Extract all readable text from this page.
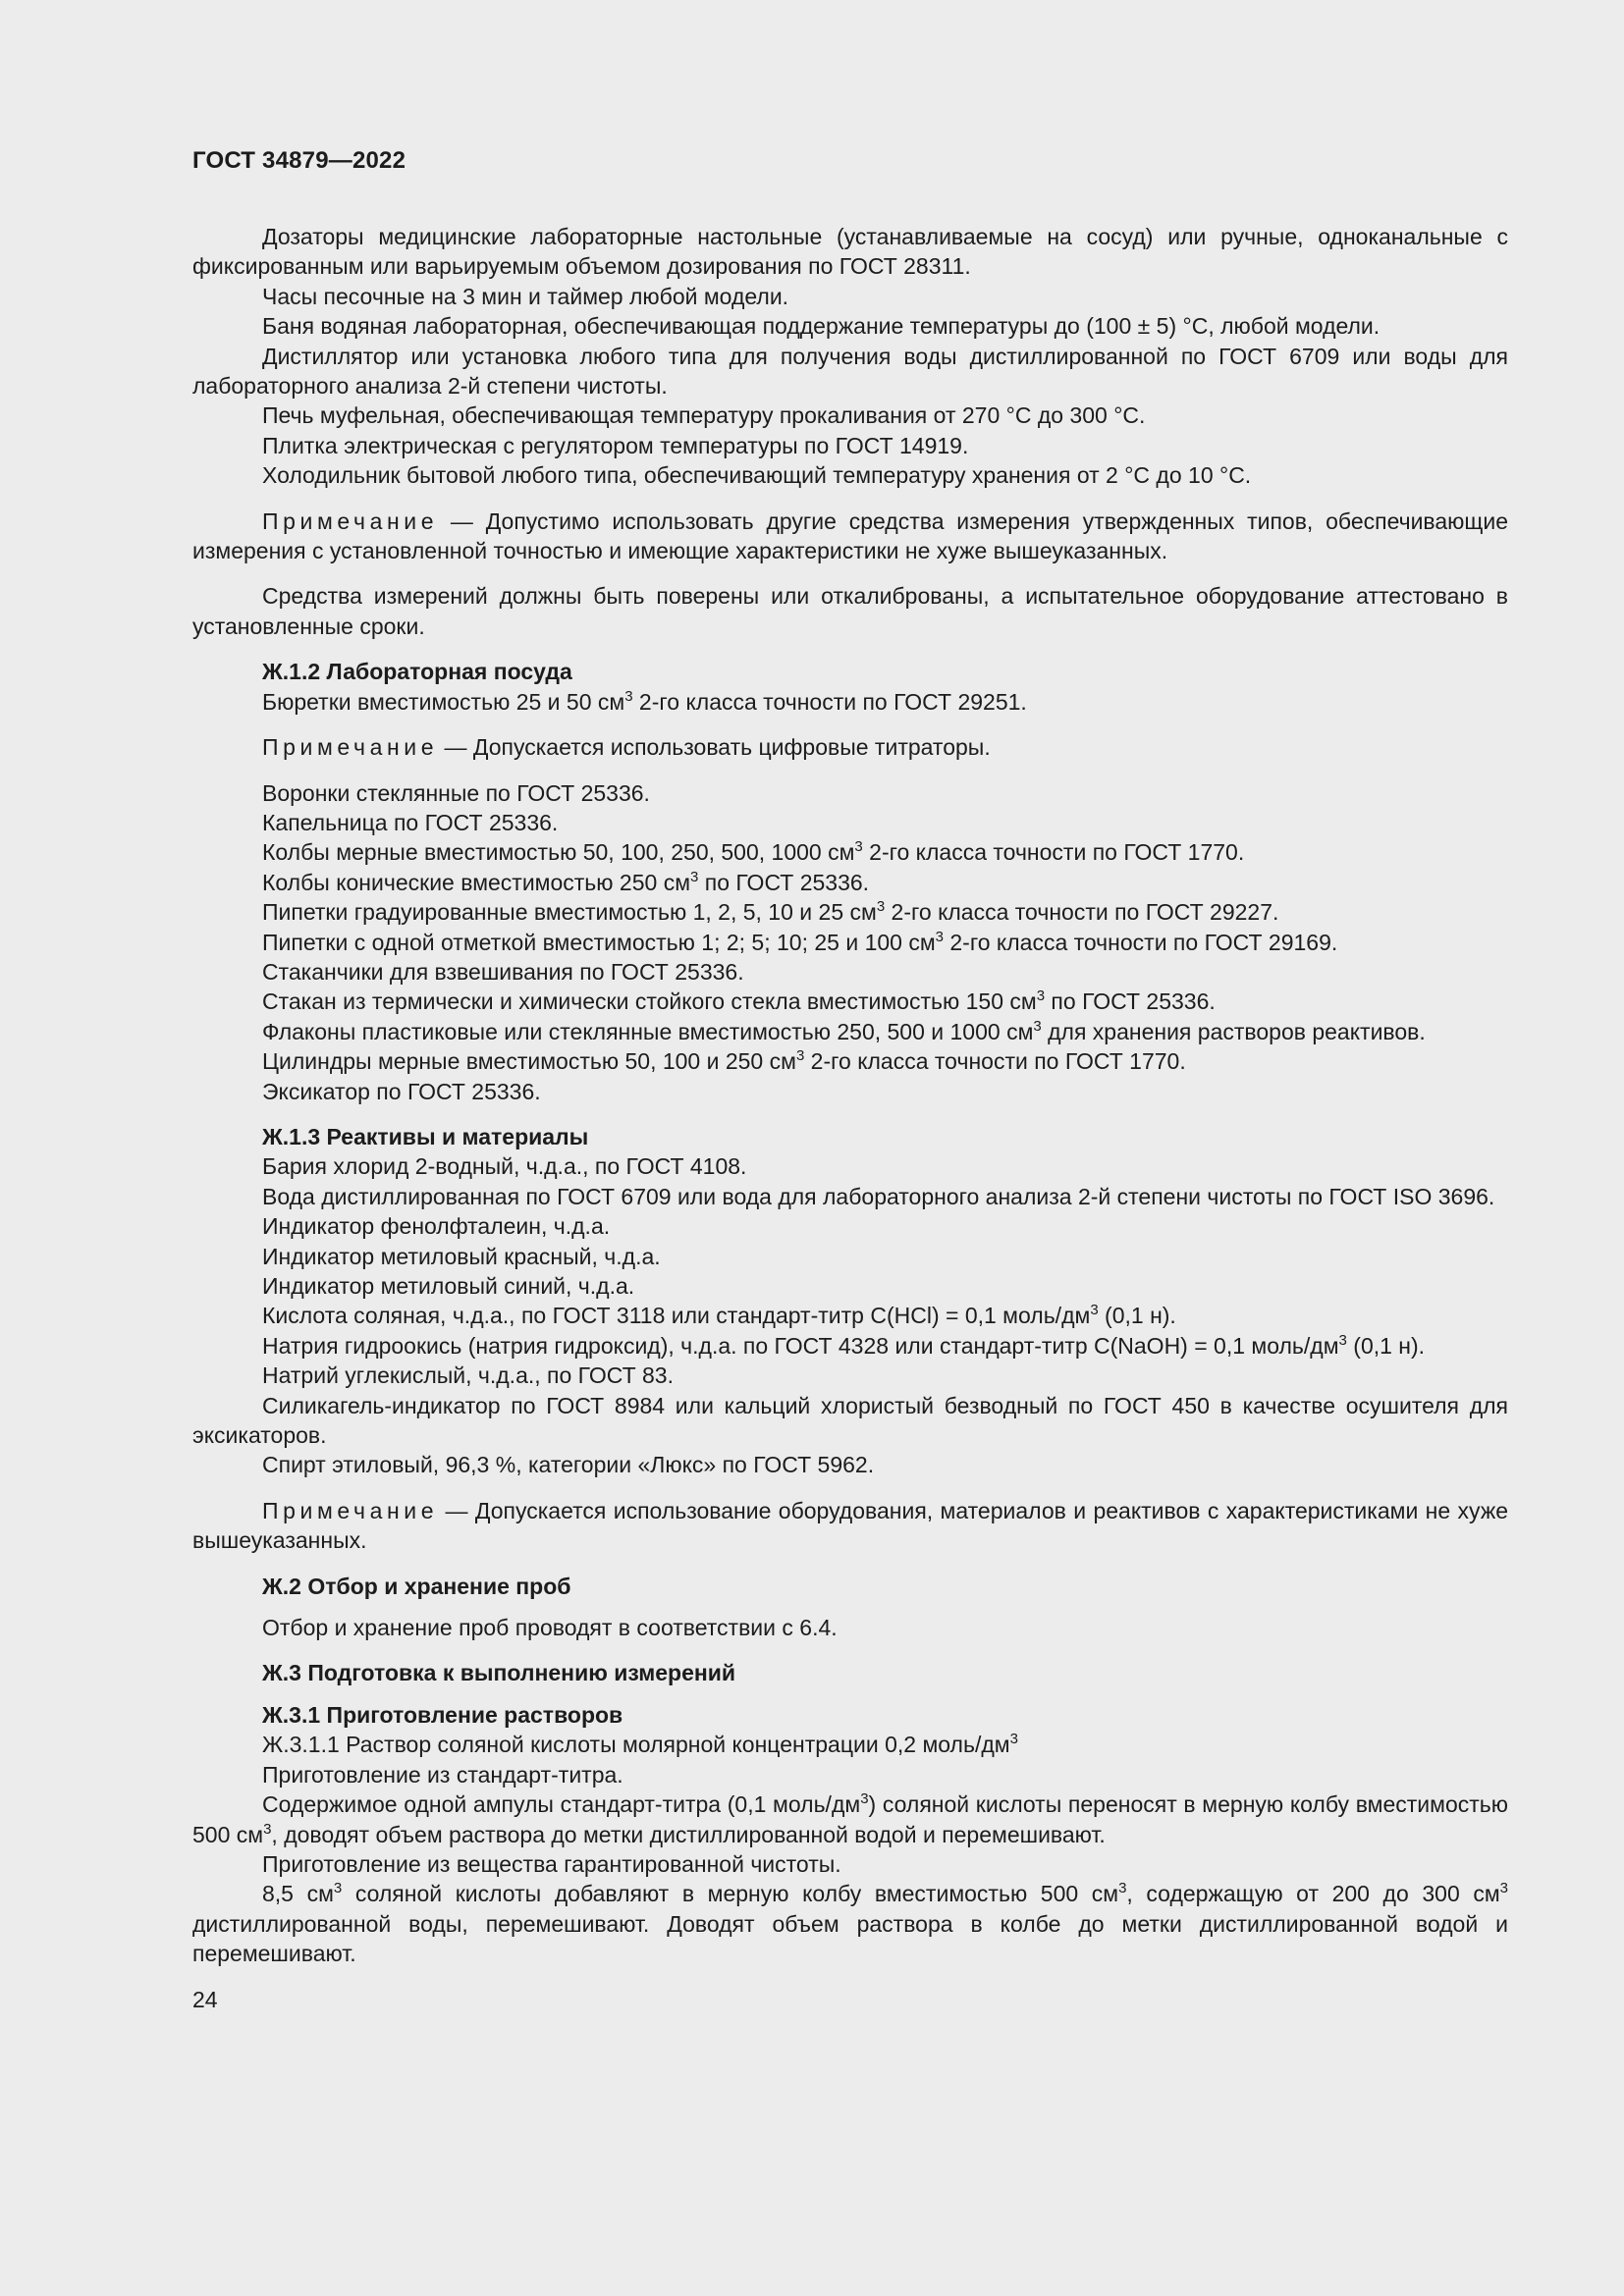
ГОСТ 34879—2022

Дозаторы медицинские лабораторные настольные (устанавливаемые на сосуд) или ручные, одноканальные с фиксированным или варьируемым объемом дозирования по ГОСТ 28311.

Часы песочные на 3 мин и таймер любой модели.

Баня водяная лабораторная, обеспечивающая поддержание температуры до (100 ± 5) °С, любой модели.

Дистиллятор или установка любого типа для получения воды дистиллированной по ГОСТ 6709 или воды для лабораторного анализа 2-й степени чистоты.

Печь муфельная, обеспечивающая температуру прокаливания от 270 °С до 300 °С.

Плитка электрическая с регулятором температуры по ГОСТ 14919.

Холодильник бытовой любого типа, обеспечивающий температуру хранения от 2 °С до 10 °С.

Примечание — Допустимо использовать другие средства измерения утвержденных типов, обеспечивающие измерения с установленной точностью и имеющие характеристики не хуже вышеуказанных.

Средства измерений должны быть поверены или откалиброваны, а испытательное оборудование аттестовано в установленные сроки.

Ж.1.2 Лабораторная посуда

Бюретки вместимостью 25 и 50 $см^3$ 2-го класса точности по ГОСТ 29251.

Примечание — Допускается использовать цифровые титраторы.

Воронки стеклянные по ГОСТ 25336.

Капельница по ГОСТ 25336.

Колбы мерные вместимостью 50, 100, 250, 500, 1000 $см^3$ 2-го класса точности по ГОСТ 1770.

Колбы конические вместимостью 250 $см^3$ по ГОСТ 25336.

Пипетки градуированные вместимостью 1, 2, 5, 10 и 25 $см^3$ 2-го класса точности по ГОСТ 29227.

Пипетки с одной отметкой вместимостью 1; 2; 5; 10; 25 и 100 $см^3$ 2-го класса точности по ГОСТ 29169.

Стаканчики для взвешивания по ГОСТ 25336.

Стакан из термически и химически стойкого стекла вместимостью 150 $см^3$ по ГОСТ 25336.

Флаконы пластиковые или стеклянные вместимостью 250, 500 и 1000 $см^3$ для хранения растворов реактивов.

Цилиндры мерные вместимостью 50, 100 и 250 $см^3$ 2-го класса точности по ГОСТ 1770.

Эксикатор по ГОСТ 25336.

Ж.1.3 Реактивы и материалы

Бария хлорид 2-водный, ч.д.а., по ГОСТ 4108.

Вода дистиллированная по ГОСТ 6709 или вода для лабораторного анализа 2-й степени чистоты по ГОСТ ISO 3696.

Индикатор фенолфталеин, ч.д.а.

Индикатор метиловый красный, ч.д.а.

Индикатор метиловый синий, ч.д.а.

Кислота соляная, ч.д.а., по ГОСТ 3118 или стандарт-титр С(HCl) = 0,1 моль/$дм^3$ (0,1 н).

Натрия гидроокись (натрия гидроксид), ч.д.а. по ГОСТ 4328 или стандарт-титр С(NaOH) = 0,1 моль/$дм^3$ (0,1 н).

Натрий углекислый, ч.д.а., по ГОСТ 83.

Силикагель-индикатор по ГОСТ 8984 или кальций хлористый безводный по ГОСТ 450 в качестве осушителя для эксикаторов.

Спирт этиловый, 96,3 %, категории «Люкс» по ГОСТ 5962.

Примечание — Допускается использование оборудования, материалов и реактивов с характеристиками не хуже вышеуказанных.

Ж.2 Отбор и хранение проб

Отбор и хранение проб проводят в соответствии с 6.4.

Ж.3 Подготовка к выполнению измерений

Ж.3.1 Приготовление растворов

Ж.3.1.1 Раствор соляной кислоты молярной концентрации 0,2 моль/$дм^3$

Приготовление из стандарт-титра.

Содержимое одной ампулы стандарт-титра (0,1 моль/$дм^3$) соляной кислоты переносят в мерную колбу вместимостью 500 $см^3$, доводят объем раствора до метки дистиллированной водой и перемешивают.

Приготовление из вещества гарантированной чистоты.

8,5 $см^3$ соляной кислоты добавляют в мерную колбу вместимостью 500 $см^3$, содержащую от 200 до 300 $см^3$ дистиллированной воды, перемешивают. Доводят объем раствора в колбе до метки дистиллированной водой и перемешивают.

24
